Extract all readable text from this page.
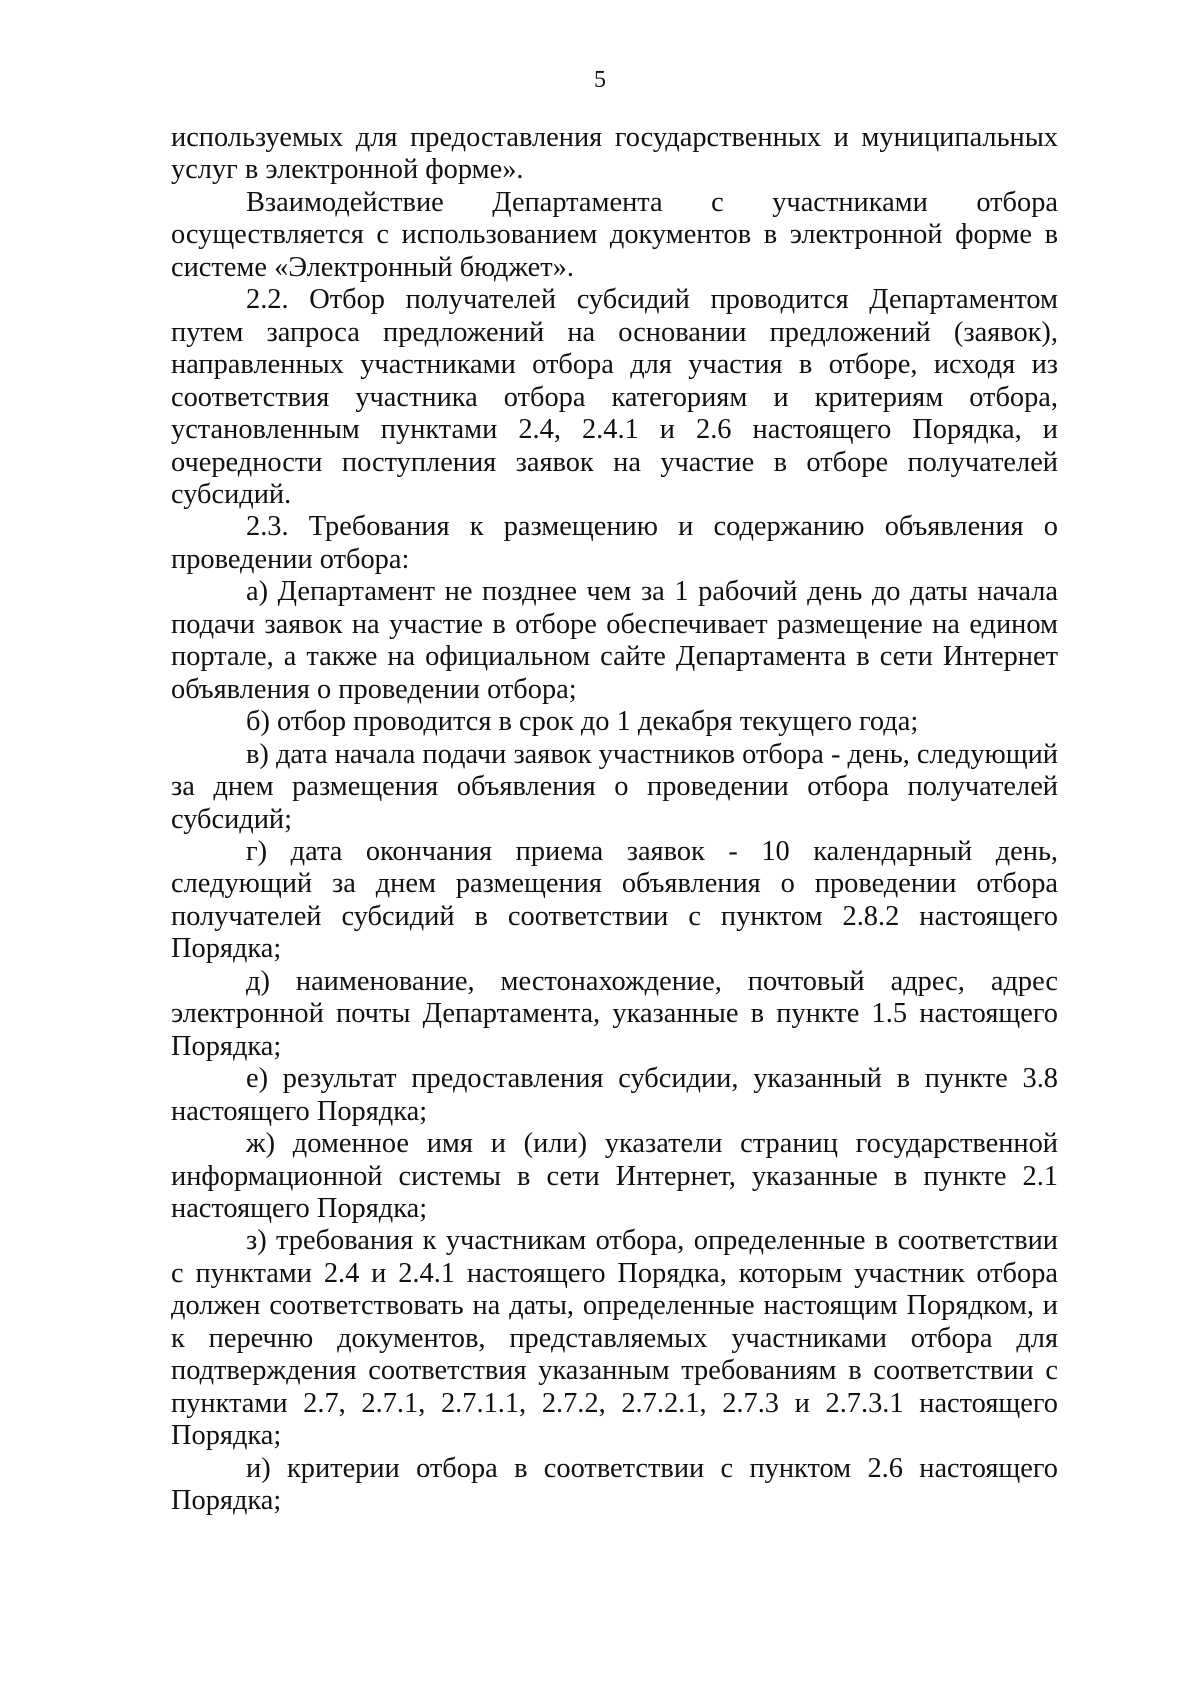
5

используемых для предоставления государственных и муниципальных услуг в электронной форме».

Взаимодействие Департамента с участниками отбора осуществляется с использованием документов в электронной форме в системе «Электронный бюджет».

2.2. Отбор получателей субсидий проводится Департаментом путем запроса предложений на основании предложений (заявок), направленных участниками отбора для участия в отборе, исходя из соответствия участника отбора категориям и критериям отбора, установленным пунктами 2.4, 2.4.1 и 2.6 настоящего Порядка, и очередности поступления заявок на участие в отборе получателей субсидий.

2.3. Требования к размещению и содержанию объявления о проведении отбора:

а) Департамент не позднее чем за 1 рабочий день до даты начала подачи заявок на участие в отборе обеспечивает размещение на едином портале, а также на официальном сайте Департамента в сети Интернет объявления о проведении отбора;

б) отбор проводится в срок до 1 декабря текущего года;

в) дата начала подачи заявок участников отбора - день, следующий за днем размещения объявления о проведении отбора получателей субсидий;

г) дата окончания приема заявок - 10 календарный день, следующий за днем размещения объявления о проведении отбора получателей субсидий в соответствии с пунктом 2.8.2 настоящего Порядка;

д) наименование, местонахождение, почтовый адрес, адрес электронной почты Департамента, указанные в пункте 1.5 настоящего Порядка;

е) результат предоставления субсидии, указанный в пункте 3.8 настоящего Порядка;

ж) доменное имя и (или) указатели страниц государственной информационной системы в сети Интернет, указанные в пункте 2.1 настоящего Порядка;

з) требования к участникам отбора, определенные в соответствии с пунктами 2.4 и 2.4.1 настоящего Порядка, которым участник отбора должен соответствовать на даты, определенные настоящим Порядком, и к перечню документов, представляемых участниками отбора для подтверждения соответствия указанным требованиям в соответствии с пунктами 2.7, 2.7.1, 2.7.1.1, 2.7.2, 2.7.2.1, 2.7.3 и 2.7.3.1 настоящего Порядка;

и) критерии отбора в соответствии с пунктом 2.6 настоящего Порядка;
